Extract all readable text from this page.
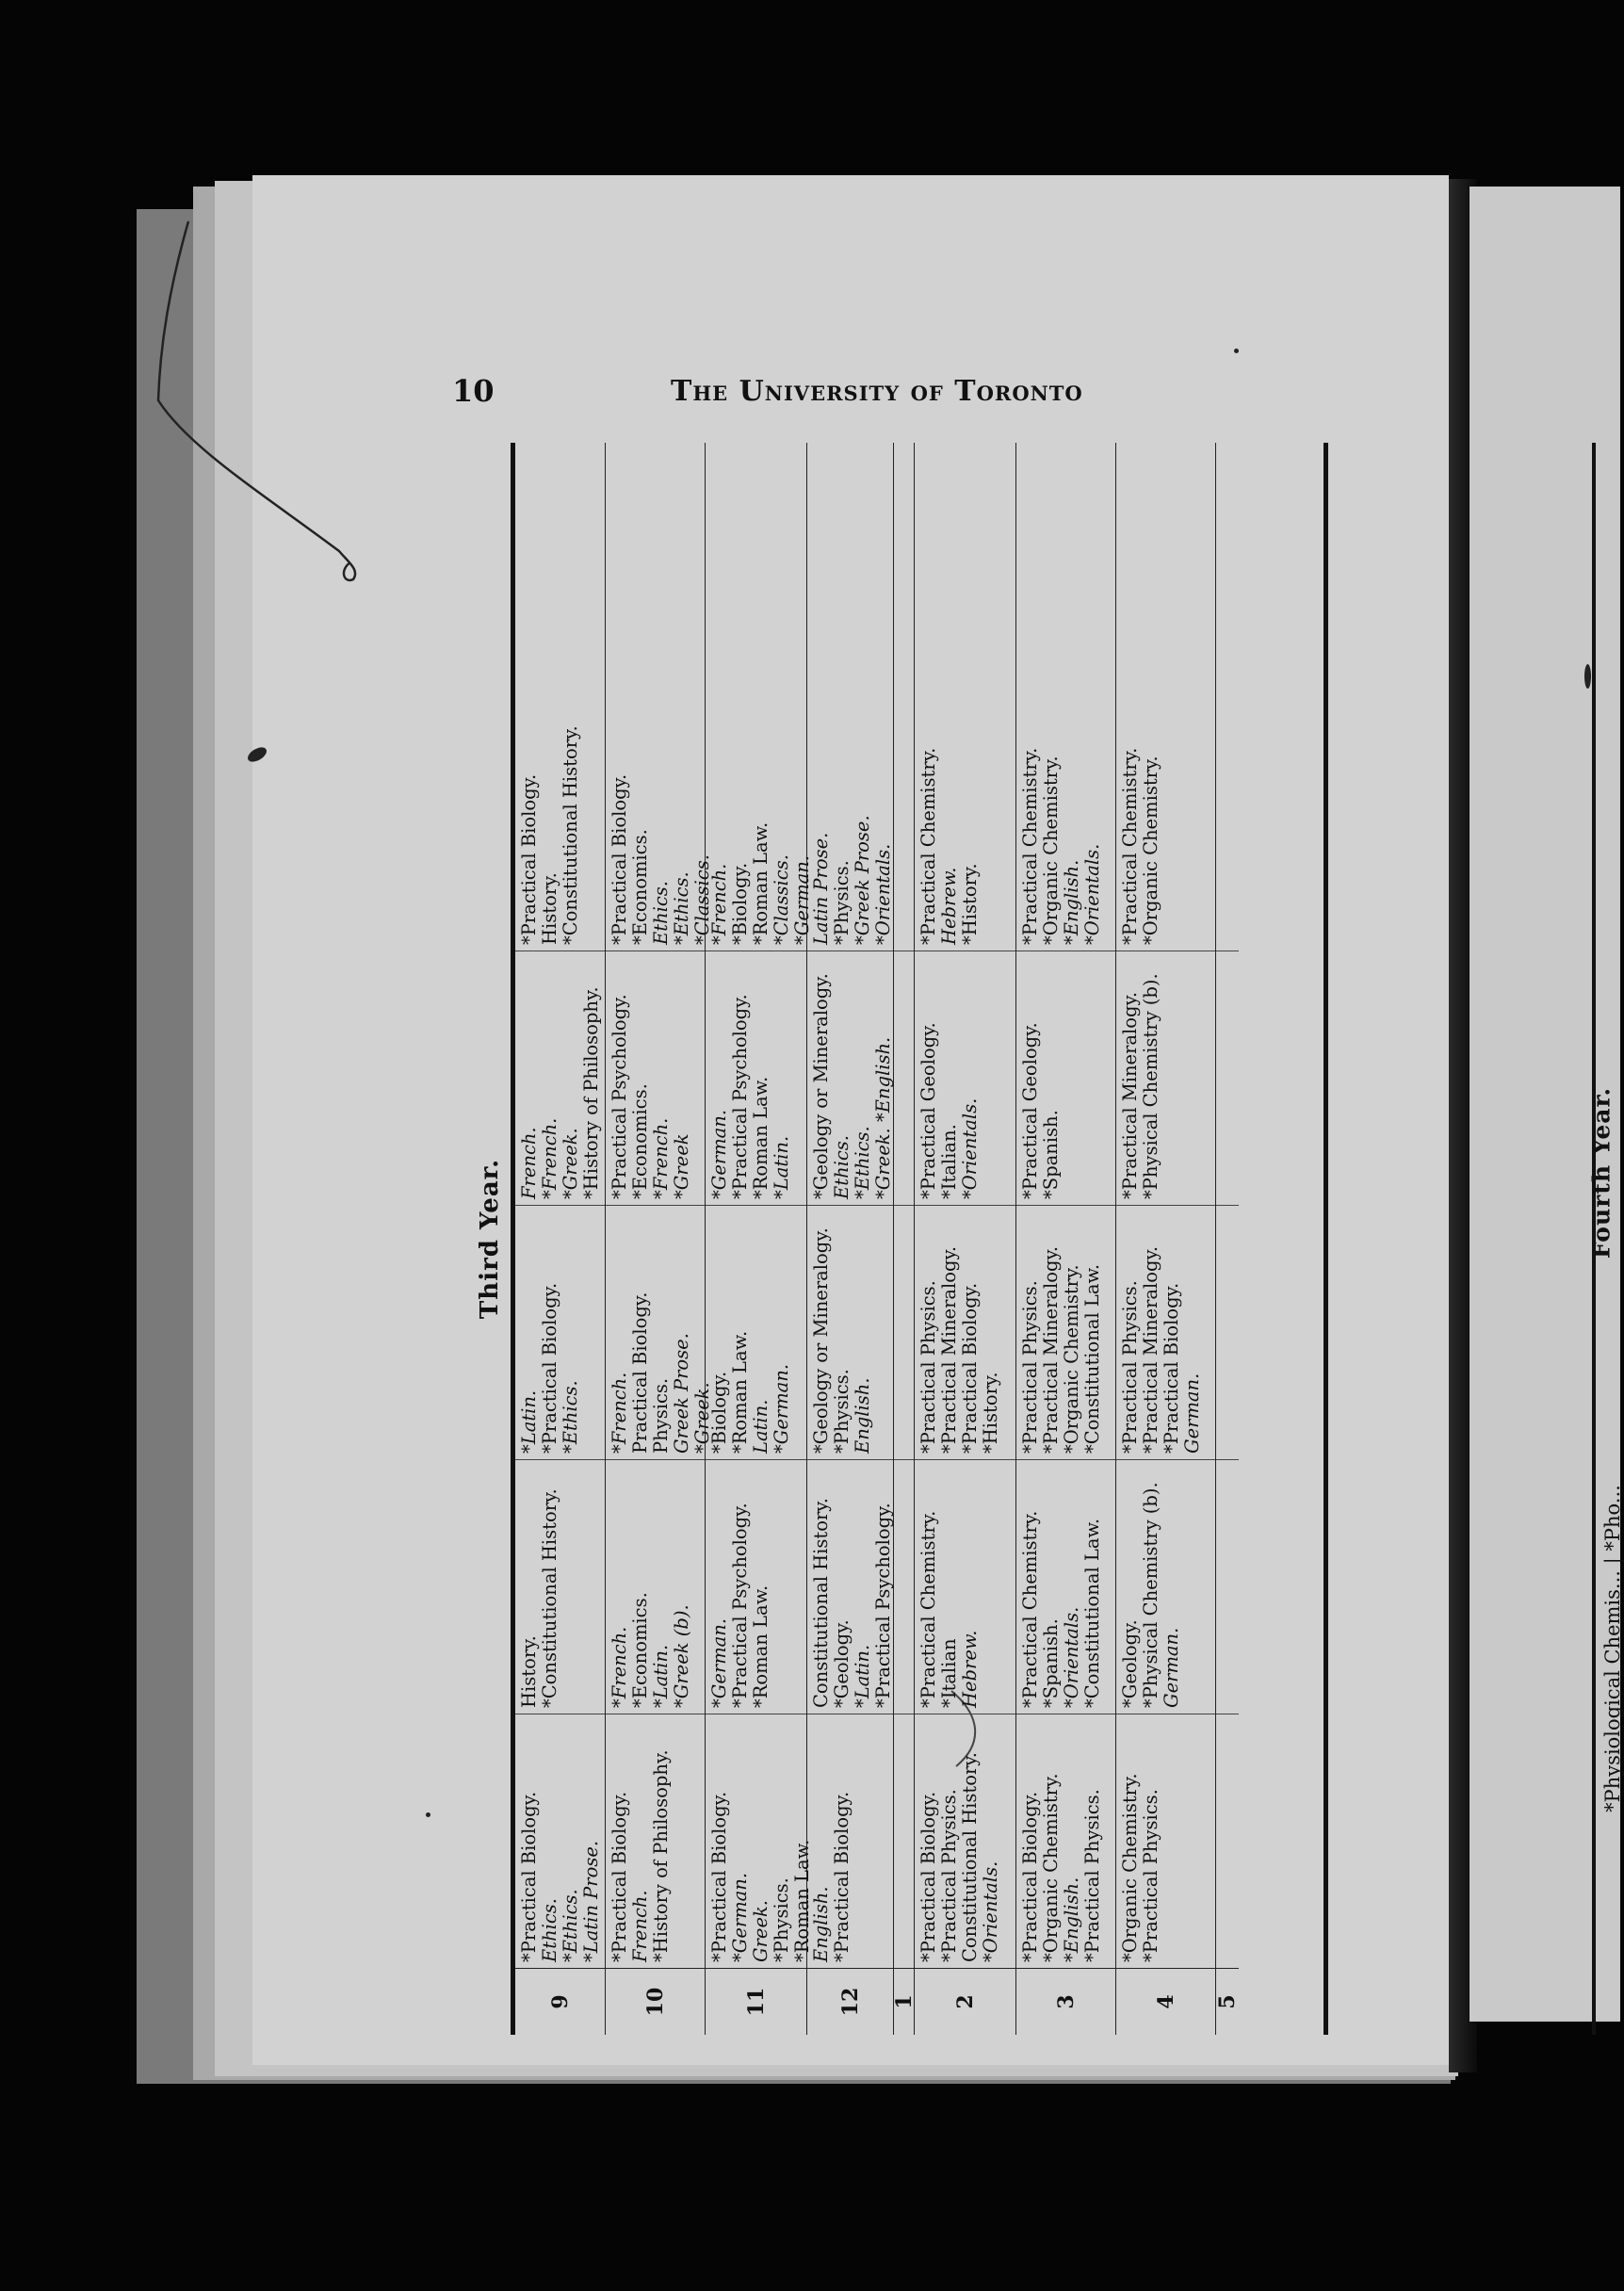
Fourth Year.
*Physiological Chemis... | *Pho...
10	The University of Toronto
Third Year.
9
*Practical Biology. Ethics. *Ethics. *Latin Prose.
History. *Constitutional History.
*Latin. *Practical Biology. *Ethics.
French. *French. *Greek. *History of Philosophy.
*Practical Biology. History. *Constitutional History.
10
*Practical Biology. French. *History of Philosophy.
*French. *Economics. *Latin. *Greek (b).
*French. Practical Biology. Physics. Greek Prose. *Greek.
*Practical Psychology. *Economics. *French. *Greek
*Practical Biology. *Economics. Ethics. *Ethics. *Classics.
11
*Practical Biology. *German. Greek. *Physics. *Roman Law.
*German. *Practical Psychology. *Roman Law.
*Biology. *Roman Law. Latin. *German.
*German. *Practical Psychology. *Roman Law. *Latin.
*French. *Biology. *Roman Law. *Classics. *German.
12
English. *Practical Biology.
Constitutional History. *Geology. *Latin. *Practical Psychology.
*Geology or Mineralogy. *Physics. English.
*Geology or Mineralogy. Ethics. *Ethics. *Greek. *English.
Latin Prose. *Physics. *Greek Prose. *Orientals.
1	2
*Practical Biology. *Practical Physics. Constitutional History. *Orientals.
*Practical Chemistry. *Italian Hebrew.
*Practical Physics. *Practical Mineralogy. *Practical Biology. *History.
*Practical Geology. *Italian. *Orientals.
*Practical Chemistry. Hebrew. *History.
3
*Practical Biology. *Organic Chemistry. *English. *Practical Physics.
*Practical Chemistry. *Spanish. *Orientals. *Constitutional Law.
*Practical Physics. *Practical Mineralogy. *Organic Chemistry. *Constitutional Law.
*Practical Geology. *Spanish.
*Practical Chemistry. *Organic Chemistry. *English. *Orientals.
4
*Organic Chemistry. *Practical Physics.
*Geology. *Physical Chemistry (b). German.
*Practical Physics. *Practical Mineralogy. *Practical Biology. German.
*Practical Mineralogy. *Physical Chemistry (b).
*Practical Chemistry. *Organic Chemistry.
5
